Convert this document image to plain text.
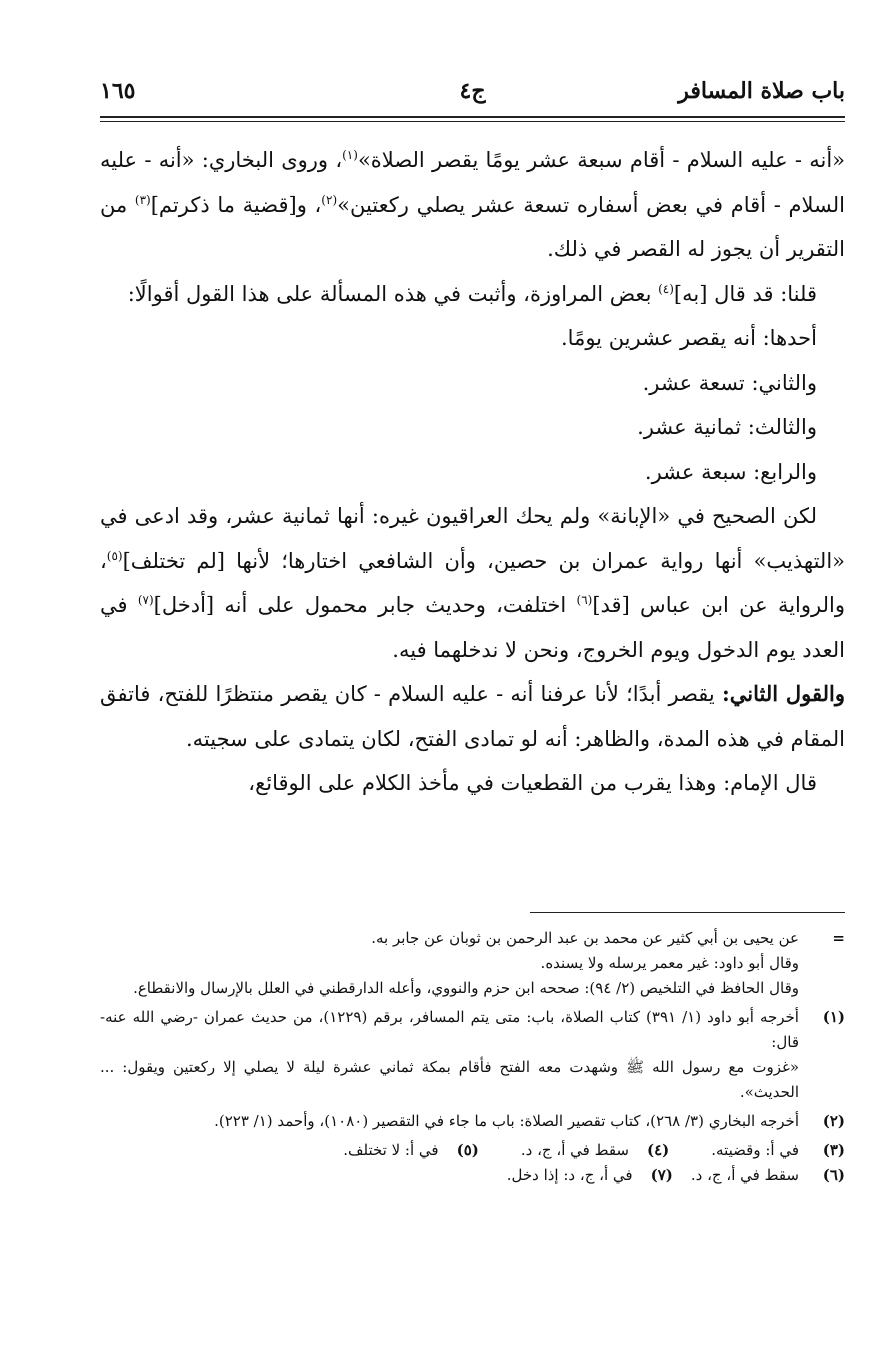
باب صلاة المسافر
ج٤
١٦٥

«أنه - عليه السلام - أقام سبعة عشر يومًا يقصر الصلاة»$^{(١)}$، وروى البخاري: «أنه - عليه السلام - أقام في بعض أسفاره تسعة عشر يصلي ركعتين»$^{(٢)}$، و[قضية ما ذكرتم]$^{(٣)}$ من التقرير أن يجوز له القصر في ذلك.

قلنا: قد قال [به]$^{(٤)}$ بعض المراوزة، وأثبت في هذه المسألة على هذا القول أقوالًا:

أحدها: أنه يقصر عشرين يومًا.

والثاني: تسعة عشر.

والثالث: ثمانية عشر.

والرابع: سبعة عشر.

لكن الصحيح في «الإبانة» ولم يحك العراقيون غيره: أنها ثمانية عشر، وقد ادعى في «التهذيب» أنها رواية عمران بن حصين، وأن الشافعي اختارها؛ لأنها [لم تختلف]$^{(٥)}$، والرواية عن ابن عباس [قد]$^{(٦)}$ اختلفت، وحديث جابر محمول على أنه [أدخل]$^{(٧)}$ في العدد يوم الدخول ويوم الخروج، ونحن لا ندخلهما فيه.

والقول الثاني: يقصر أبدًا؛ لأنا عرفنا أنه - عليه السلام - كان يقصر منتظرًا للفتح، فاتفق المقام في هذه المدة، والظاهر: أنه لو تمادى الفتح، لكان يتمادى على سجيته.

قال الإمام: وهذا يقرب من القطعيات في مأخذ الكلام على الوقائع،

=

عن يحيى بن أبي كثير عن محمد بن عبد الرحمن بن ثوبان عن جابر به.

وقال أبو داود: غير معمر يرسله ولا يسنده.

وقال الحافظ في التلخيص (٢/ ٩٤): صححه ابن حزم والنووي، وأعله الدارقطني في العلل بالإرسال والانقطاع.

(١)

أخرجه أبو داود (١/ ٣٩١) كتاب الصلاة، باب: متى يتم المسافر، برقم (١٢٢٩)، من حديث عمران -رضي الله عنه- قال:

«غزوت مع رسول الله ﷺ وشهدت معه الفتح فأقام بمكة ثماني عشرة ليلة لا يصلي إلا ركعتين ويقول: ... الحديث».

(٢)
أخرجه البخاري (٣/ ٢٦٨)، كتاب تقصير الصلاة: باب ما جاء في التقصير (١٠٨٠)، وأحمد (١/ ٢٢٣).
(٣)
في أ: وقضيته.
(٤)
سقط في أ، ج، د.
(٥)
في أ: لا تختلف.
(٦)
سقط في أ، ج، د.
(٧)
في أ، ج، د: إذا دخل.
